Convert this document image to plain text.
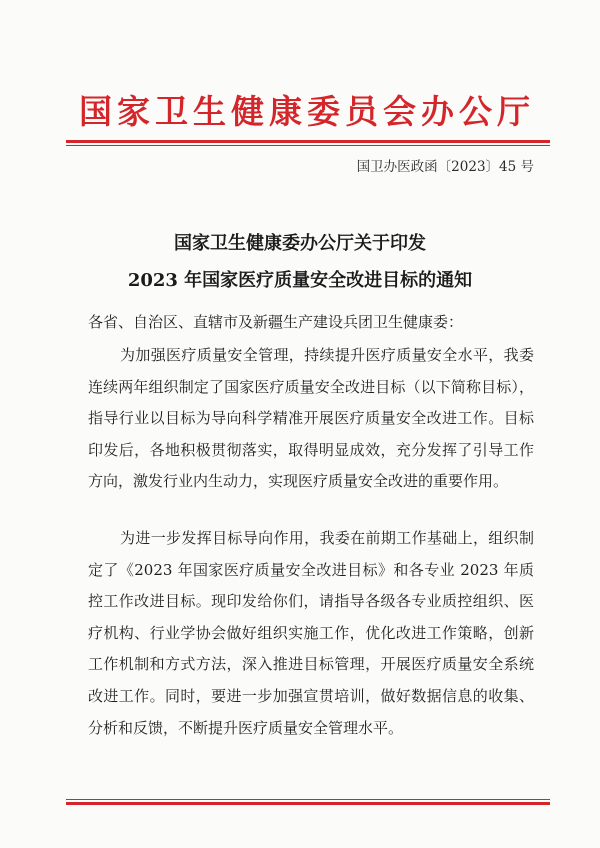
国家卫生健康委员会办公厅
国卫办医政函〔2023〕45 号
国家卫生健康委办公厅关于印发
2023 年国家医疗质量安全改进目标的通知
各省、自治区、直辖市及新疆生产建设兵团卫生健康委：

为加强医疗质量安全管理，持续提升医疗质量安全水平，我委连续两年组织制定了国家医疗质量安全改进目标（以下简称目标），指导行业以目标为导向科学精准开展医疗质量安全改进工作。目标印发后，各地积极贯彻落实，取得明显成效，充分发挥了引导工作方向，激发行业内生动力，实现医疗质量安全改进的重要作用。

为进一步发挥目标导向作用，我委在前期工作基础上，组织制定了《2023 年国家医疗质量安全改进目标》和各专业 2023 年质控工作改进目标。现印发给你们，请指导各级各专业质控组织、医疗机构、行业学协会做好组织实施工作，优化改进工作策略，创新工作机制和方式方法，深入推进目标管理，开展医疗质量安全系统改进工作。同时，要进一步加强宣贯培训，做好数据信息的收集、分析和反馈，不断提升医疗质量安全管理水平。
